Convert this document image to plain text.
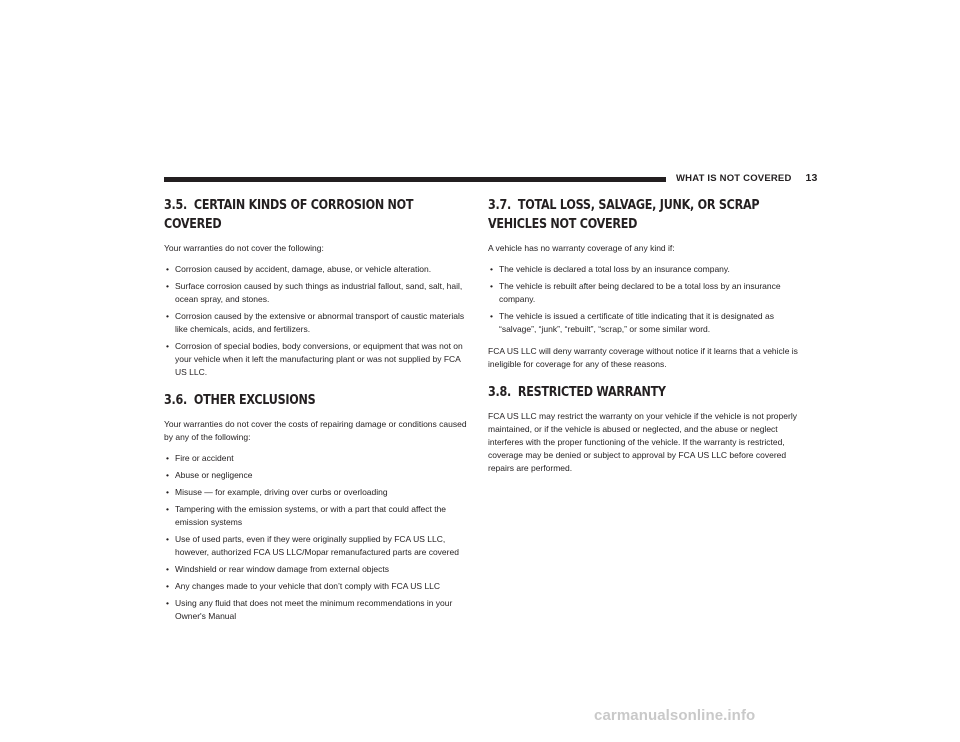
WHAT IS NOT COVERED 13
3.5. CERTAIN KINDS OF CORROSION NOT COVERED

Your warranties do not cover the following:

• Corrosion caused by accident, damage, abuse, or vehicle alteration.
• Surface corrosion caused by such things as industrial fallout, sand, salt, hail, ocean spray, and stones.
• Corrosion caused by the extensive or abnormal transport of caustic materials like chemicals, acids, and fertilizers.
• Corrosion of special bodies, body conversions, or equipment that was not on your vehicle when it left the manufacturing plant or was not supplied by FCA US LLC.
3.6. OTHER EXCLUSIONS

Your warranties do not cover the costs of repairing damage or conditions caused by any of the following:

• Fire or accident
• Abuse or negligence
• Misuse — for example, driving over curbs or overloading
• Tampering with the emission systems, or with a part that could affect the emission systems
• Use of used parts, even if they were originally supplied by FCA US LLC, however, authorized FCA US LLC/Mopar remanufactured parts are covered
• Windshield or rear window damage from external objects
• Any changes made to your vehicle that don’t comply with FCA US LLC
• Using any fluid that does not meet the minimum recommendations in your Owner's Manual
3.7. TOTAL LOSS, SALVAGE, JUNK, OR SCRAP VEHICLES NOT COVERED

A vehicle has no warranty coverage of any kind if:

• The vehicle is declared a total loss by an insurance company.
• The vehicle is rebuilt after being declared to be a total loss by an insurance company.
• The vehicle is issued a certificate of title indicating that it is designated as “salvage”, “junk”, “rebuilt”, “scrap,” or some similar word.

FCA US LLC will deny warranty coverage without notice if it learns that a vehicle is ineligible for coverage for any of these reasons.

3.8. RESTRICTED WARRANTY

FCA US LLC may restrict the warranty on your vehicle if the vehicle is not properly maintained, or if the vehicle is abused or neglected, and the abuse or neglect interferes with the proper functioning of the vehicle. If the warranty is restricted, coverage may be denied or subject to approval by FCA US LLC before covered repairs are performed.

carmanualsonline.info
